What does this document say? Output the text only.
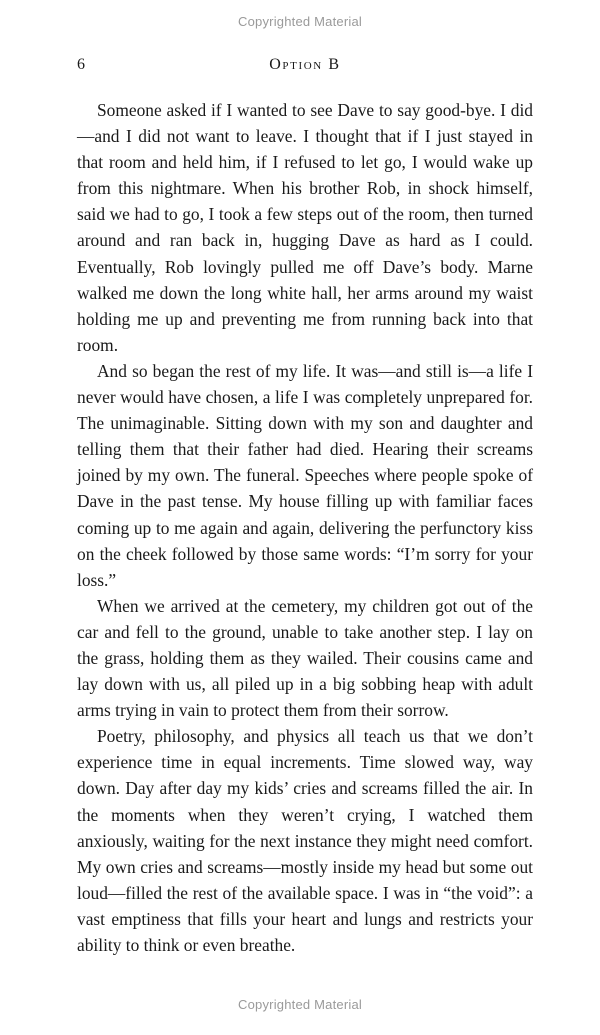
Copyrighted Material
6	Option B

Someone asked if I wanted to see Dave to say good-bye. I did—and I did not want to leave. I thought that if I just stayed in that room and held him, if I refused to let go, I would wake up from this nightmare. When his brother Rob, in shock himself, said we had to go, I took a few steps out of the room, then turned around and ran back in, hugging Dave as hard as I could. Eventually, Rob lovingly pulled me off Dave’s body. Marne walked me down the long white hall, her arms around my waist holding me up and preventing me from running back into that room.

And so began the rest of my life. It was—and still is—a life I never would have chosen, a life I was completely unprepared for. The unimaginable. Sitting down with my son and daughter and telling them that their father had died. Hearing their screams joined by my own. The funeral. Speeches where people spoke of Dave in the past tense. My house filling up with familiar faces coming up to me again and again, delivering the perfunctory kiss on the cheek followed by those same words: “I’m sorry for your loss.”

When we arrived at the cemetery, my children got out of the car and fell to the ground, unable to take another step. I lay on the grass, holding them as they wailed. Their cousins came and lay down with us, all piled up in a big sobbing heap with adult arms trying in vain to protect them from their sorrow.

Poetry, philosophy, and physics all teach us that we don’t experience time in equal increments. Time slowed way, way down. Day after day my kids’ cries and screams filled the air. In the moments when they weren’t crying, I watched them anxiously, waiting for the next instance they might need comfort. My own cries and screams—mostly inside my head but some out loud—filled the rest of the available space. I was in “the void”: a vast emptiness that fills your heart and lungs and restricts your ability to think or even breathe.

Copyrighted Material
